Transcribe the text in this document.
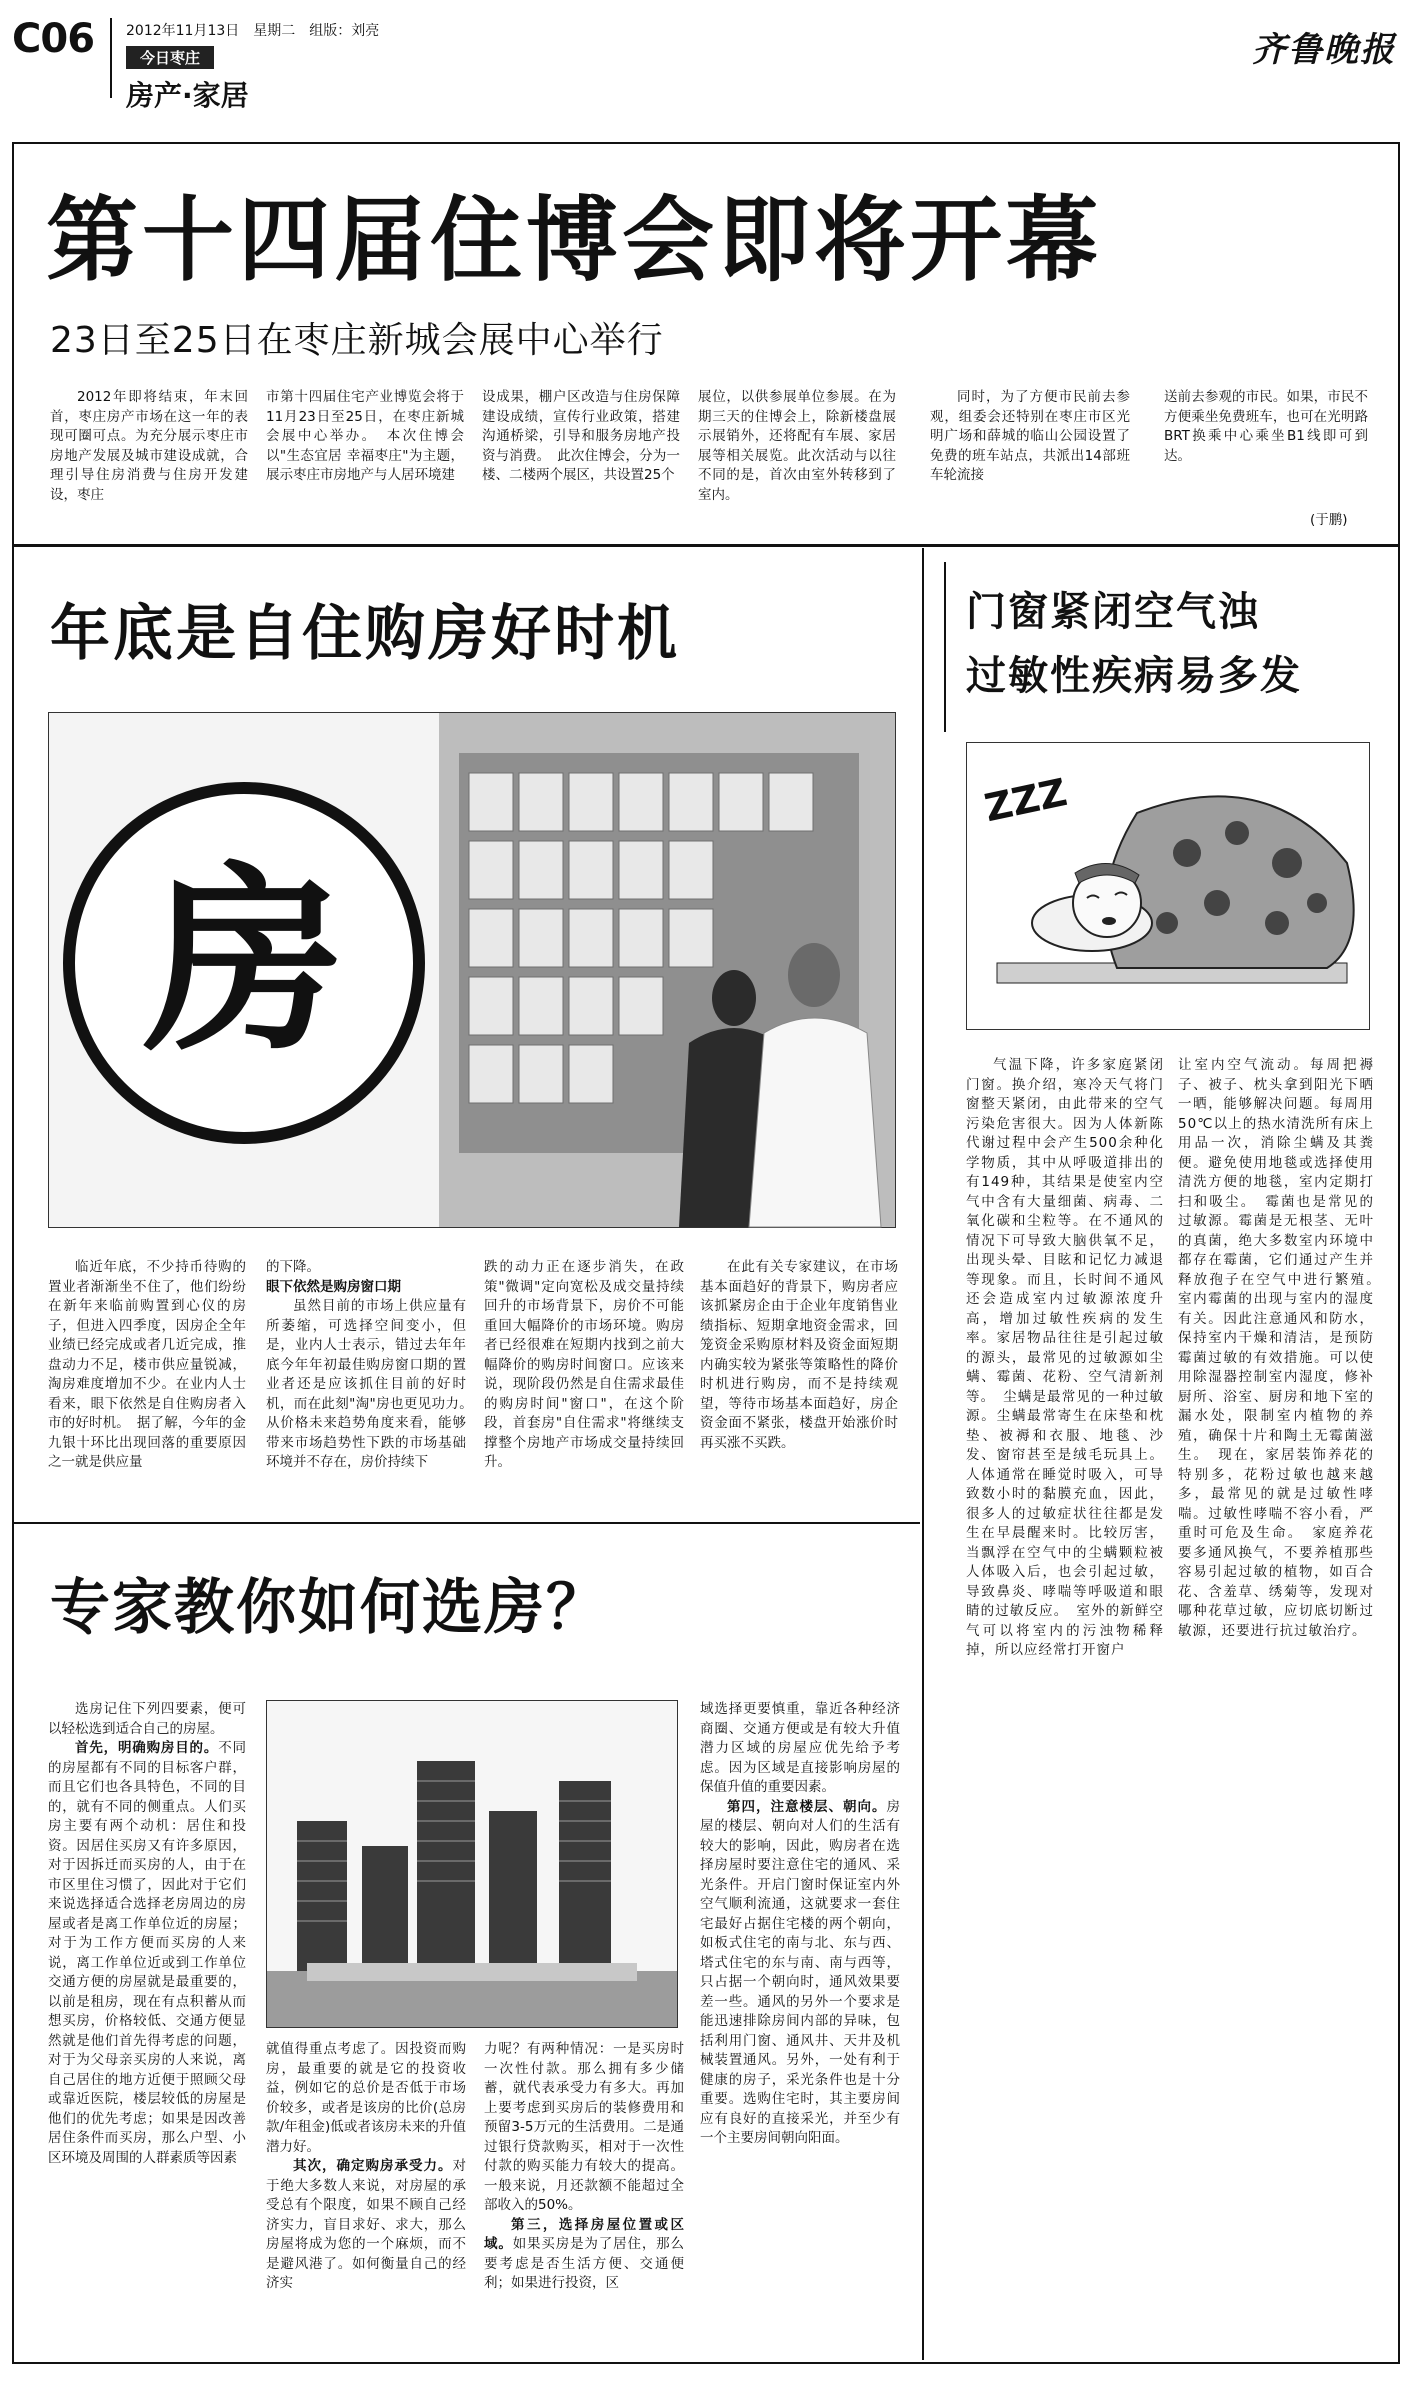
C06 2012年11月13日　星期二　组版：刘亮
今日枣庄
房产·家居
齐鲁晚报
第十四届住博会即将开幕
23日至25日在枣庄新城会展中心举行

2012年即将结束，年末回首，枣庄房产市场在这一年的表现可圈可点。为充分展示枣庄市房地产发展及城市建设成就，合理引导住房消费与住房开发建设，枣庄

市第十四届住宅产业博览会将于11月23日至25日，在枣庄新城会展中心举办。　本次住博会以"生态宜居 幸福枣庄"为主题，展示枣庄市房地产与人居环境建

设成果，棚户区改造与住房保障建设成绩，宣传行业政策，搭建沟通桥梁，引导和服务房地产投资与消费。　此次住博会，分为一楼、二楼两个展区，共设置25个

展位，以供参展单位参展。在为期三天的住博会上，除新楼盘展示展销外，还将配有车展、家居展等相关展览。此次活动与以往不同的是，首次由室外转移到了室内。

同时，为了方便市民前去参观，组委会还特别在枣庄市区光明广场和薛城的临山公园设置了免费的班车站点，共派出14部班车轮流接

送前去参观的市民。如果，市民不方便乘坐免费班车，也可在光明路BRT换乘中心乘坐B1线即可到达。

(于鹏)
年底是自住购房好时机
房

临近年底，不少持币待购的置业者渐渐坐不住了，他们纷纷在新年来临前购置到心仪的房子，但进入四季度，因房企全年业绩已经完成或者几近完成，推盘动力不足，楼市供应量锐减，淘房难度增加不少。在业内人士看来，眼下依然是自住购房者入市的好时机。　据了解，今年的金九银十环比出现回落的重要原因之一就是供应量

的下降。

眼下依然是购房窗口期

虽然目前的市场上供应量有所萎缩，可选择空间变小，但是，业内人士表示，错过去年年底今年年初最佳购房窗口期的置业者还是应该抓住目前的好时机，而在此刻"淘"房也更见功力。　从价格未来趋势角度来看，能够带来市场趋势性下跌的市场基础环境并不存在，房价持续下

跌的动力正在逐步消失，在政策"微调"定向宽松及成交量持续回升的市场背景下，房价不可能重回大幅降价的市场环境。购房者已经很难在短期内找到之前大幅降价的购房时间窗口。应该来说，现阶段仍然是自住需求最佳的购房时间"窗口"，在这个阶段，首套房"自住需求"将继续支撑整个房地产市场成交量持续回升。

在此有关专家建议，在市场基本面趋好的背景下，购房者应该抓紧房企由于企业年度销售业绩指标、短期拿地资金需求，回笼资金采购原材料及资金面短期内确实较为紧张等策略性的降价时机进行购房，而不是持续观望，等待市场基本面趋好，房企资金面不紧张，楼盘开始涨价时再买涨不买跌。

专家教你如何选房？

选房记住下列四要素，便可以轻松选到适合自己的房屋。

首先，明确购房目的。不同的房屋都有不同的目标客户群，而且它们也各具特色，不同的目的，就有不同的侧重点。人们买房主要有两个动机：居住和投资。因居住买房又有许多原因，对于因拆迁而买房的人，由于在市区里住习惯了，因此对于它们来说选择适合选择老房周边的房屋或者是离工作单位近的房屋；对于为工作方便而买房的人来说，离工作单位近或到工作单位交通方便的房屋就是最重要的，以前是租房，现在有点积蓄从而想买房，价格较低、交通方便显然就是他们首先得考虑的问题，对于为父母亲买房的人来说，离自己居住的地方近便于照顾父母或靠近医院，楼层较低的房屋是他们的优先考虑；如果是因改善居住条件而买房，那么户型、小区环境及周围的人群素质等因素

就值得重点考虑了。因投资而购房，最重要的就是它的投资收益，例如它的总价是否低于市场价较多，或者是该房的比价(总房款/年租金)低或者该房未来的升值潜力好。

其次，确定购房承受力。对于绝大多数人来说，对房屋的承受总有个限度，如果不顾自己经济实力，盲目求好、求大，那么房屋将成为您的一个麻烦，而不是避风港了。如何衡量自己的经济实

力呢？有两种情况：一是买房时一次性付款。那么拥有多少储蓄，就代表承受力有多大。再加上要考虑到买房后的装修费用和预留3-5万元的生活费用。二是通过银行贷款购买，相对于一次性付款的购买能力有较大的提高。一般来说，月还款额不能超过全部收入的50%。

第三，选择房屋位置或区域。如果买房是为了居住，那么要考虑是否生活方便、交通便利；如果进行投资，区

域选择更要慎重，靠近各种经济商圈、交通方便或是有较大升值潜力区域的房屋应优先给予考虑。因为区域是直接影响房屋的保值升值的重要因素。

第四，注意楼层、朝向。房屋的楼层、朝向对人们的生活有较大的影响，因此，购房者在选择房屋时要注意住宅的通风、采光条件。开启门窗时保证室内外空气顺利流通，这就要求一套住宅最好占据住宅楼的两个朝向，如板式住宅的南与北、东与西、塔式住宅的东与南、南与西等，只占据一个朝向时，通风效果要差一些。通风的另外一个要求是能迅速排除房间内部的异味，包括利用门窗、通风井、天井及机械装置通风。另外，一处有利于健康的房子，采光条件也是十分重要。选购住宅时，其主要房间应有良好的直接采光，并至少有一个主要房间朝向阳面。

门窗紧闭空气浊
过敏性疾病易多发
ZZZ

气温下降，许多家庭紧闭门窗。换介绍，寒冷天气将门窗整天紧闭，由此带来的空气污染危害很大。因为人体新陈代谢过程中会产生500余种化学物质，其中从呼吸道排出的有149种，其结果是使室内空气中含有大量细菌、病毒、二氧化碳和尘粒等。在不通风的情况下可导致大脑供氧不足，出现头晕、目眩和记忆力减退等现象。而且，长时间不通风还会造成室内过敏源浓度升高，增加过敏性疾病的发生率。家居物品往往是引起过敏的源头，最常见的过敏源如尘螨、霉菌、花粉、空气清新剂等。　尘螨是最常见的一种过敏源。尘螨最常寄生在床垫和枕垫、被褥和衣服、地毯、沙发、窗帘甚至是绒毛玩具上。人体通常在睡觉时吸入，可导致数小时的黏膜充血，因此，很多人的过敏症状往往都是发生在早晨醒来时。比较厉害，当飘浮在空气中的尘螨颗粒被人体吸入后，也会引起过敏，导致鼻炎、哮喘等呼吸道和眼睛的过敏反应。　室外的新鲜空气可以将室内的污浊物稀释掉，所以应经常打开窗户

让室内空气流动。每周把褥子、被子、枕头拿到阳光下晒一晒，能够解决问题。每周用50℃以上的热水清洗所有床上用品一次，消除尘螨及其粪便。避免使用地毯或选择使用清洗方便的地毯，室内定期打扫和吸尘。　霉菌也是常见的过敏源。霉菌是无根茎、无叶的真菌，绝大多数室内环境中都存在霉菌，它们通过产生并释放孢子在空气中进行繁殖。　室内霉菌的出现与室内的湿度有关。因此注意通风和防水，保持室内干燥和清洁，是预防霉菌过敏的有效措施。可以使用除湿器控制室内湿度，修补厨所、浴室、厨房和地下室的漏水处，限制室内植物的养殖，确保十片和陶土无霉菌滋生。　现在，家居装饰养花的特别多，花粉过敏也越来越多，最常见的就是过敏性哮喘。过敏性哮喘不容小看，严重时可危及生命。　家庭养花要多通风换气，不要养植那些容易引起过敏的植物，如百合花、含羞草、绣菊等，发现对哪种花草过敏，应切底切断过敏源，还要进行抗过敏治疗。
